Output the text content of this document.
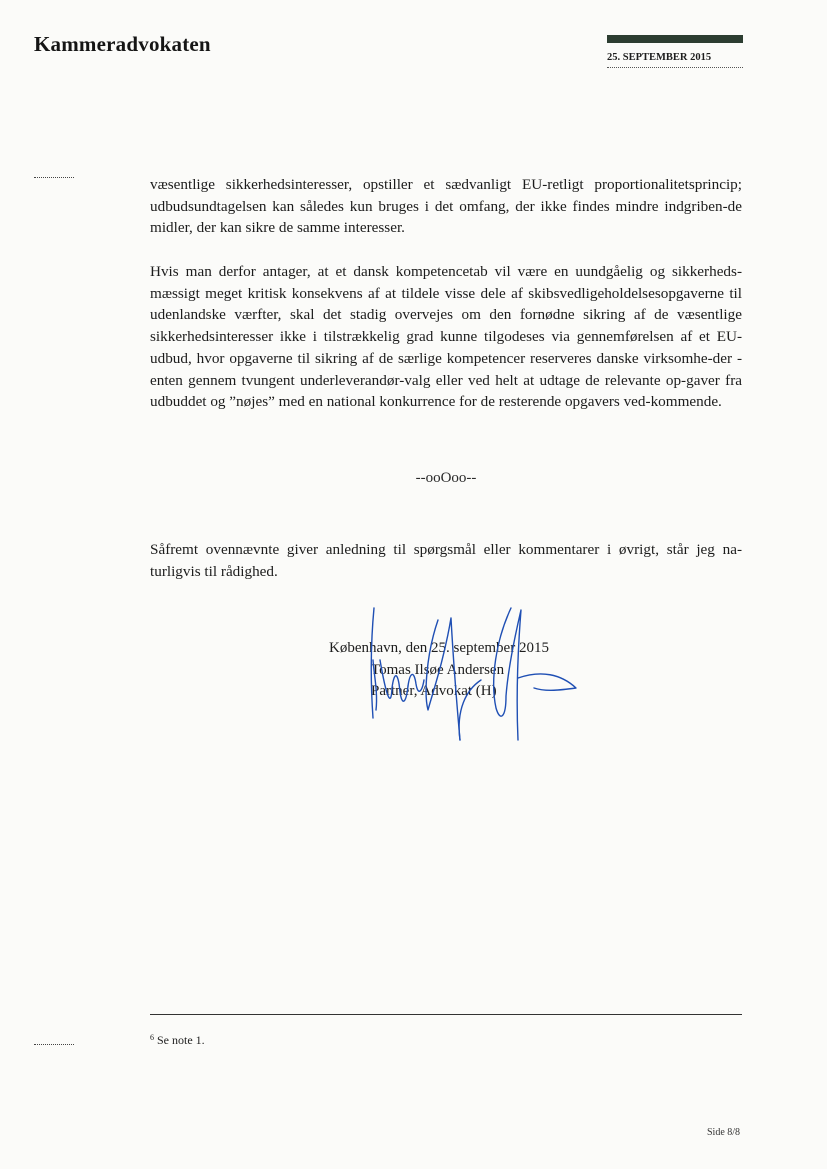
Kammeradvokaten
25. SEPTEMBER 2015

væsentlige sikkerhedsinteresser, opstiller et sædvanligt EU-retligt proportionalitetsprincip; udbudsundtagelsen kan således kun bruges i det omfang, der ikke findes mindre indgriben-de midler, der kan sikre de samme interesser.

Hvis man derfor antager, at et dansk kompetencetab vil være en uundgåelig og sikkerheds-mæssigt meget kritisk konsekvens af at tildele visse dele af skibsvedligeholdelsesopgaverne til udenlandske værfter, skal det stadig overvejes om den fornødne sikring af de væsentlige sikkerhedsinteresser ikke i tilstrækkelig grad kunne tilgodeses via gennemførelsen af et EU-udbud, hvor opgaverne til sikring af de særlige kompetencer reserveres danske virksomhe-der - enten gennem tvungent underleverandør-valg eller ved helt at udtage de relevante op-gaver fra udbuddet og ”nøjes” med en national konkurrence for de resterende opgavers ved-kommende.

--ooOoo--

Såfremt ovennævnte giver anledning til spørgsmål eller kommentarer i øvrigt, står jeg na-turligvis til rådighed.

København, den 25. september 2015
Tomas Ilsøe Andersen
Partner, Advokat (H)
$^6$ Se note 1.
Side 8/8
